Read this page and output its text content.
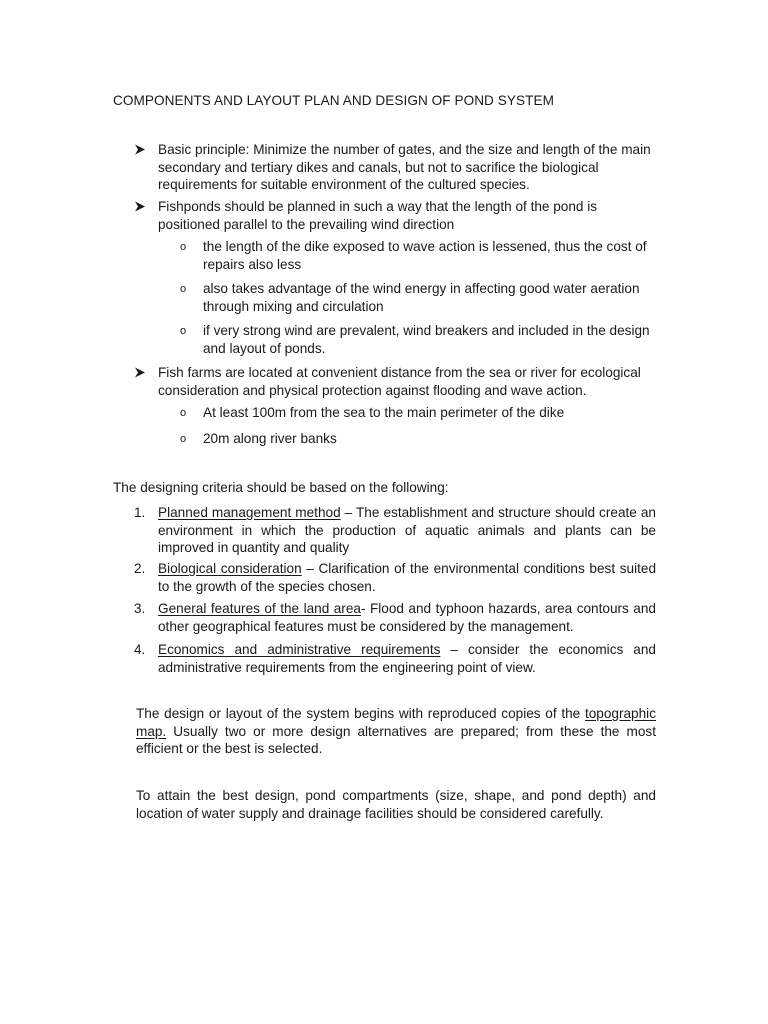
COMPONENTS AND LAYOUT PLAN AND DESIGN OF POND SYSTEM
Basic principle: Minimize the number of gates, and the size and length of the main secondary and tertiary dikes and canals, but not to sacrifice the biological requirements for suitable environment of the cultured species.
Fishponds should be planned in such a way that the length of the pond is positioned parallel to the prevailing wind direction
o the length of the dike exposed to wave action is lessened, thus the cost of repairs also less
o also takes advantage of the wind energy in affecting good water aeration through mixing and circulation
o if very strong wind are prevalent, wind breakers and included in the design and layout of ponds.
Fish farms are located at convenient distance from the sea or river for ecological consideration and physical protection against flooding and wave action.
o At least 100m from the sea to the main perimeter of the dike
o 20m along river banks
The designing criteria should be based on the following:
1. Planned management method – The establishment and structure should create an environment in which the production of aquatic animals and plants can be improved in quantity and quality
2. Biological consideration – Clarification of the environmental conditions best suited to the growth of the species chosen.
3. General features of the land area- Flood and typhoon hazards, area contours and other geographical features must be considered by the management.
4. Economics and administrative requirements – consider the economics and administrative requirements from the engineering point of view.
The design or layout of the system begins with reproduced copies of the topographic map. Usually two or more design alternatives are prepared; from these the most efficient or the best is selected.
To attain the best design, pond compartments (size, shape, and pond depth) and location of water supply and drainage facilities should be considered carefully.
